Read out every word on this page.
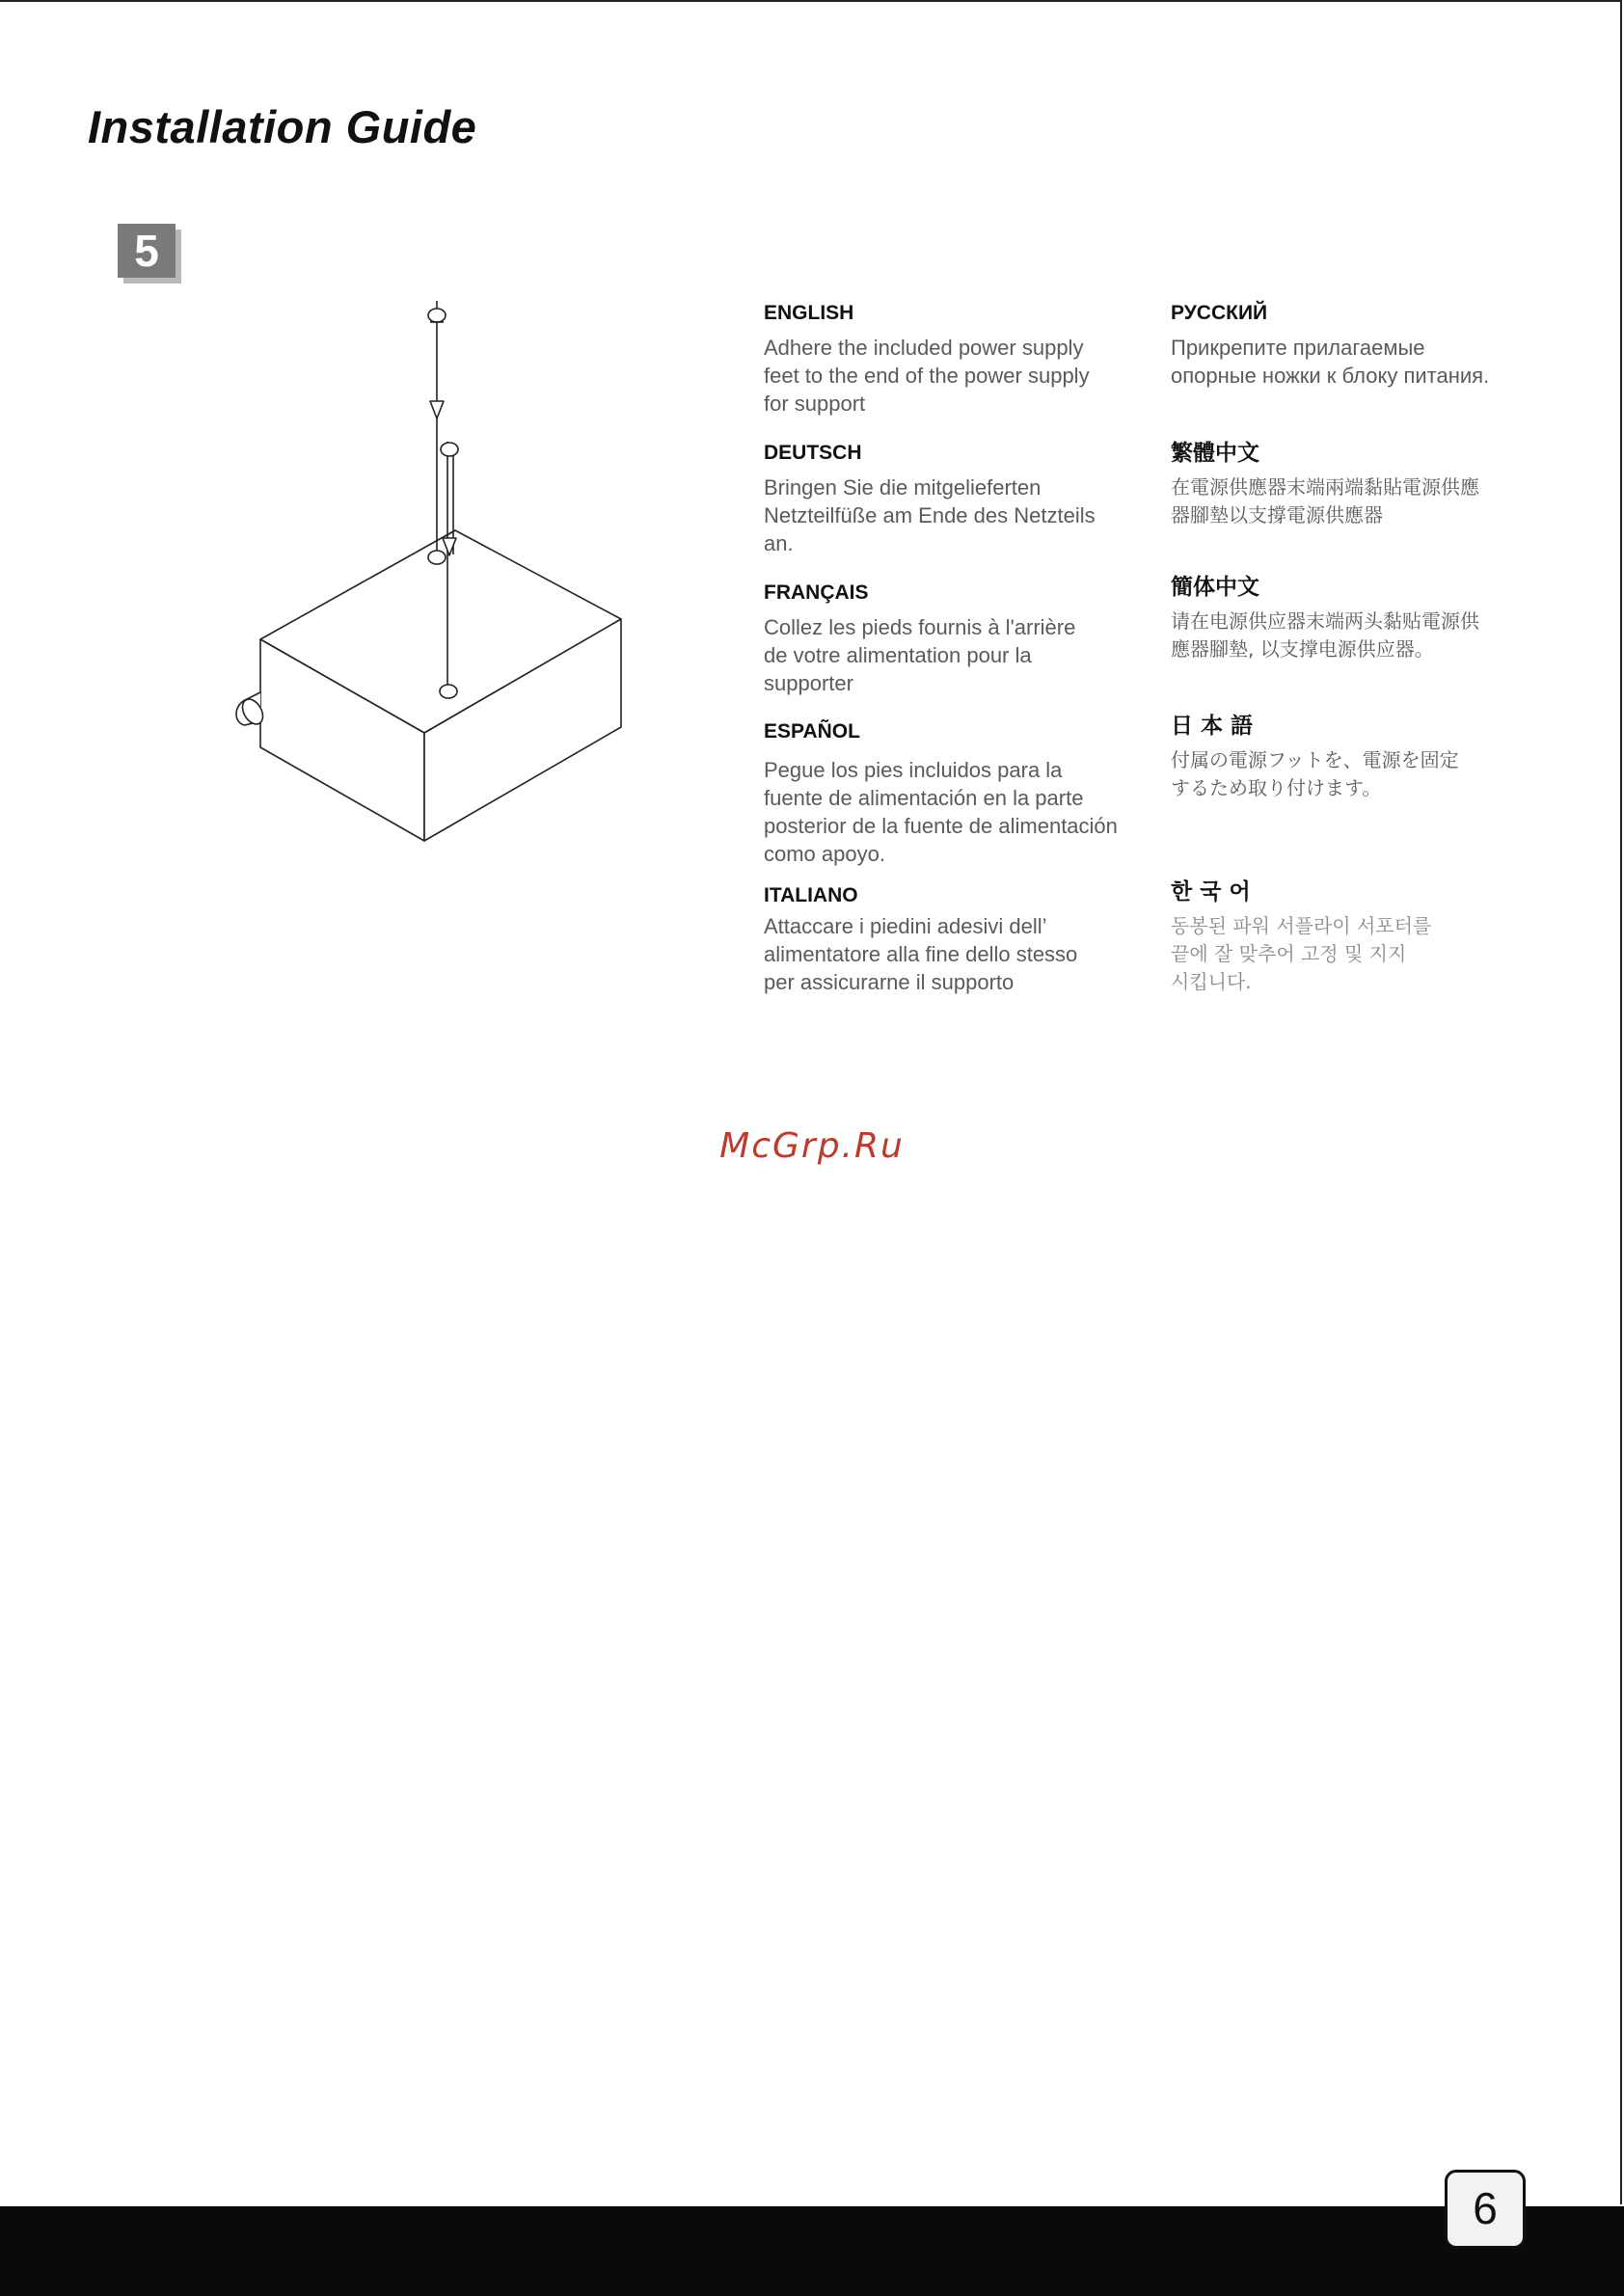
Installation Guide
5

ENGLISH

Adhere the included power supply

feet to the end of the power supply

for support

DEUTSCH

Bringen Sie die mitgelieferten

Netzteilfüße am Ende des Netzteils

an.

FRANÇAIS

Collez les pieds fournis à l'arrière

de votre alimentation pour la

supporter

ESPAÑOL

Pegue los pies incluidos para la

fuente de alimentación en la parte

posterior de la fuente de alimentación

como apoyo.

ITALIANO

Attaccare i piedini adesivi dell’

alimentatore alla fine dello stesso

per assicurarne il supporto

РУССКИЙ

Прикрепите прилагаемые

опорные ножки к блоку питания.

繁體中文

在電源供應器末端兩端黏貼電源供應

器腳墊以支撐電源供應器

簡体中文

请在电源供应器末端两头黏贴電源供

應器腳墊, 以支撑电源供应器。

日 本 語

付属の電源フットを、電源を固定

するため取り付けます。

한 국 어

동봉된 파워 서플라이 서포터를

끝에 잘 맞추어 고정 및 지지

시킵니다.

McGrp.Ru
6
